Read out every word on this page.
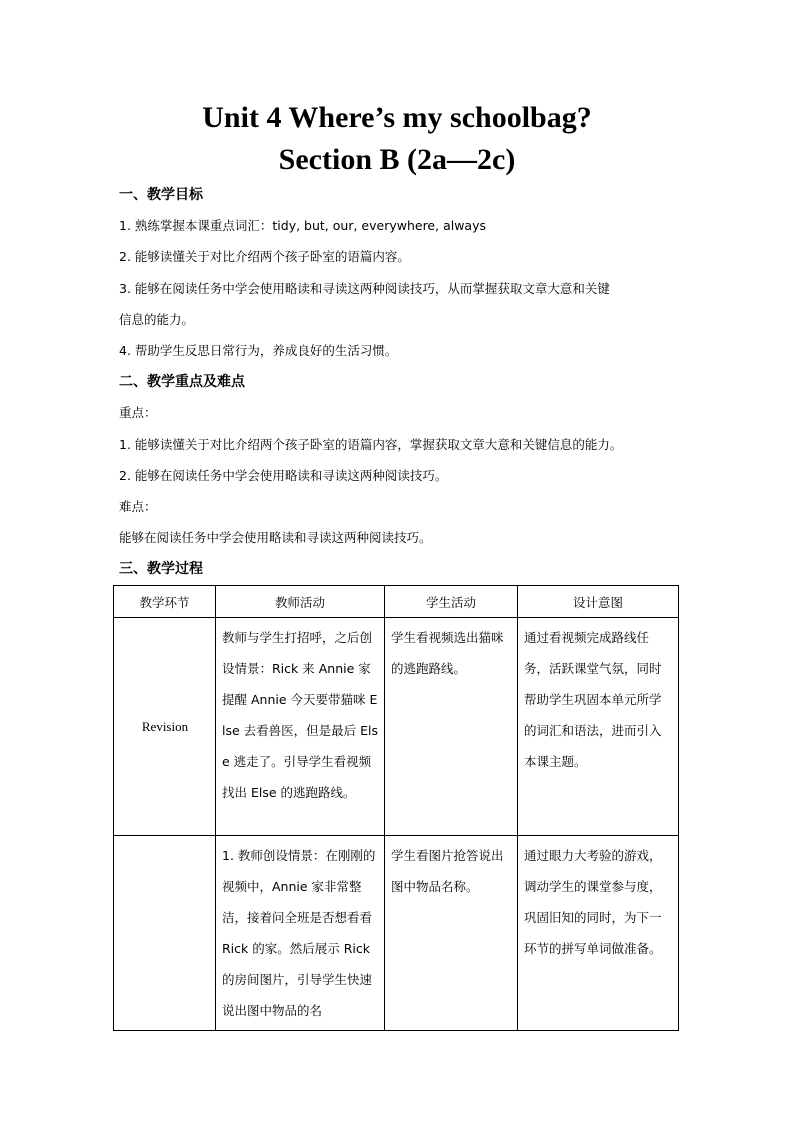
Unit 4 Where’s my schoolbag?
Section B (2a—2c)
一、教学目标
1. 熟练掌握本课重点词汇：tidy, but, our, everywhere, always
2. 能够读懂关于对比介绍两个孩子卧室的语篇内容。
3. 能够在阅读任务中学会使用略读和寻读这两种阅读技巧，从而掌握获取文章大意和关键
信息的能力。
4. 帮助学生反思日常行为，养成良好的生活习惯。
二、教学重点及难点
重点：
1. 能够读懂关于对比介绍两个孩子卧室的语篇内容，掌握获取文章大意和关键信息的能力。
2. 能够在阅读任务中学会使用略读和寻读这两种阅读技巧。
难点：
能够在阅读任务中学会使用略读和寻读这两种阅读技巧。
三、教学过程
教学环节	教师活动	学生活动	设计意图
Revision	教师与学生打招呼，之后创设情景：Rick 来 Annie 家提醒 Annie 今天要带猫咪 Else 去看兽医，但是最后 Else 逃走了。引导学生看视频找出 Else 的逃跑路线。	学生看视频选出猫咪的逃跑路线。	通过看视频完成路线任务，活跃课堂气氛，同时帮助学生巩固本单元所学的词汇和语法，进而引入本课主题。
	1. 教师创设情景：在刚刚的视频中，Annie 家非常整洁，接着问全班是否想看看 Rick 的家。然后展示 Rick 的房间图片，引导学生快速说出图中物品的名	学生看图片抢答说出图中物品名称。	通过眼力大考验的游戏，调动学生的课堂参与度，巩固旧知的同时，为下一环节的拼写单词做准备。
